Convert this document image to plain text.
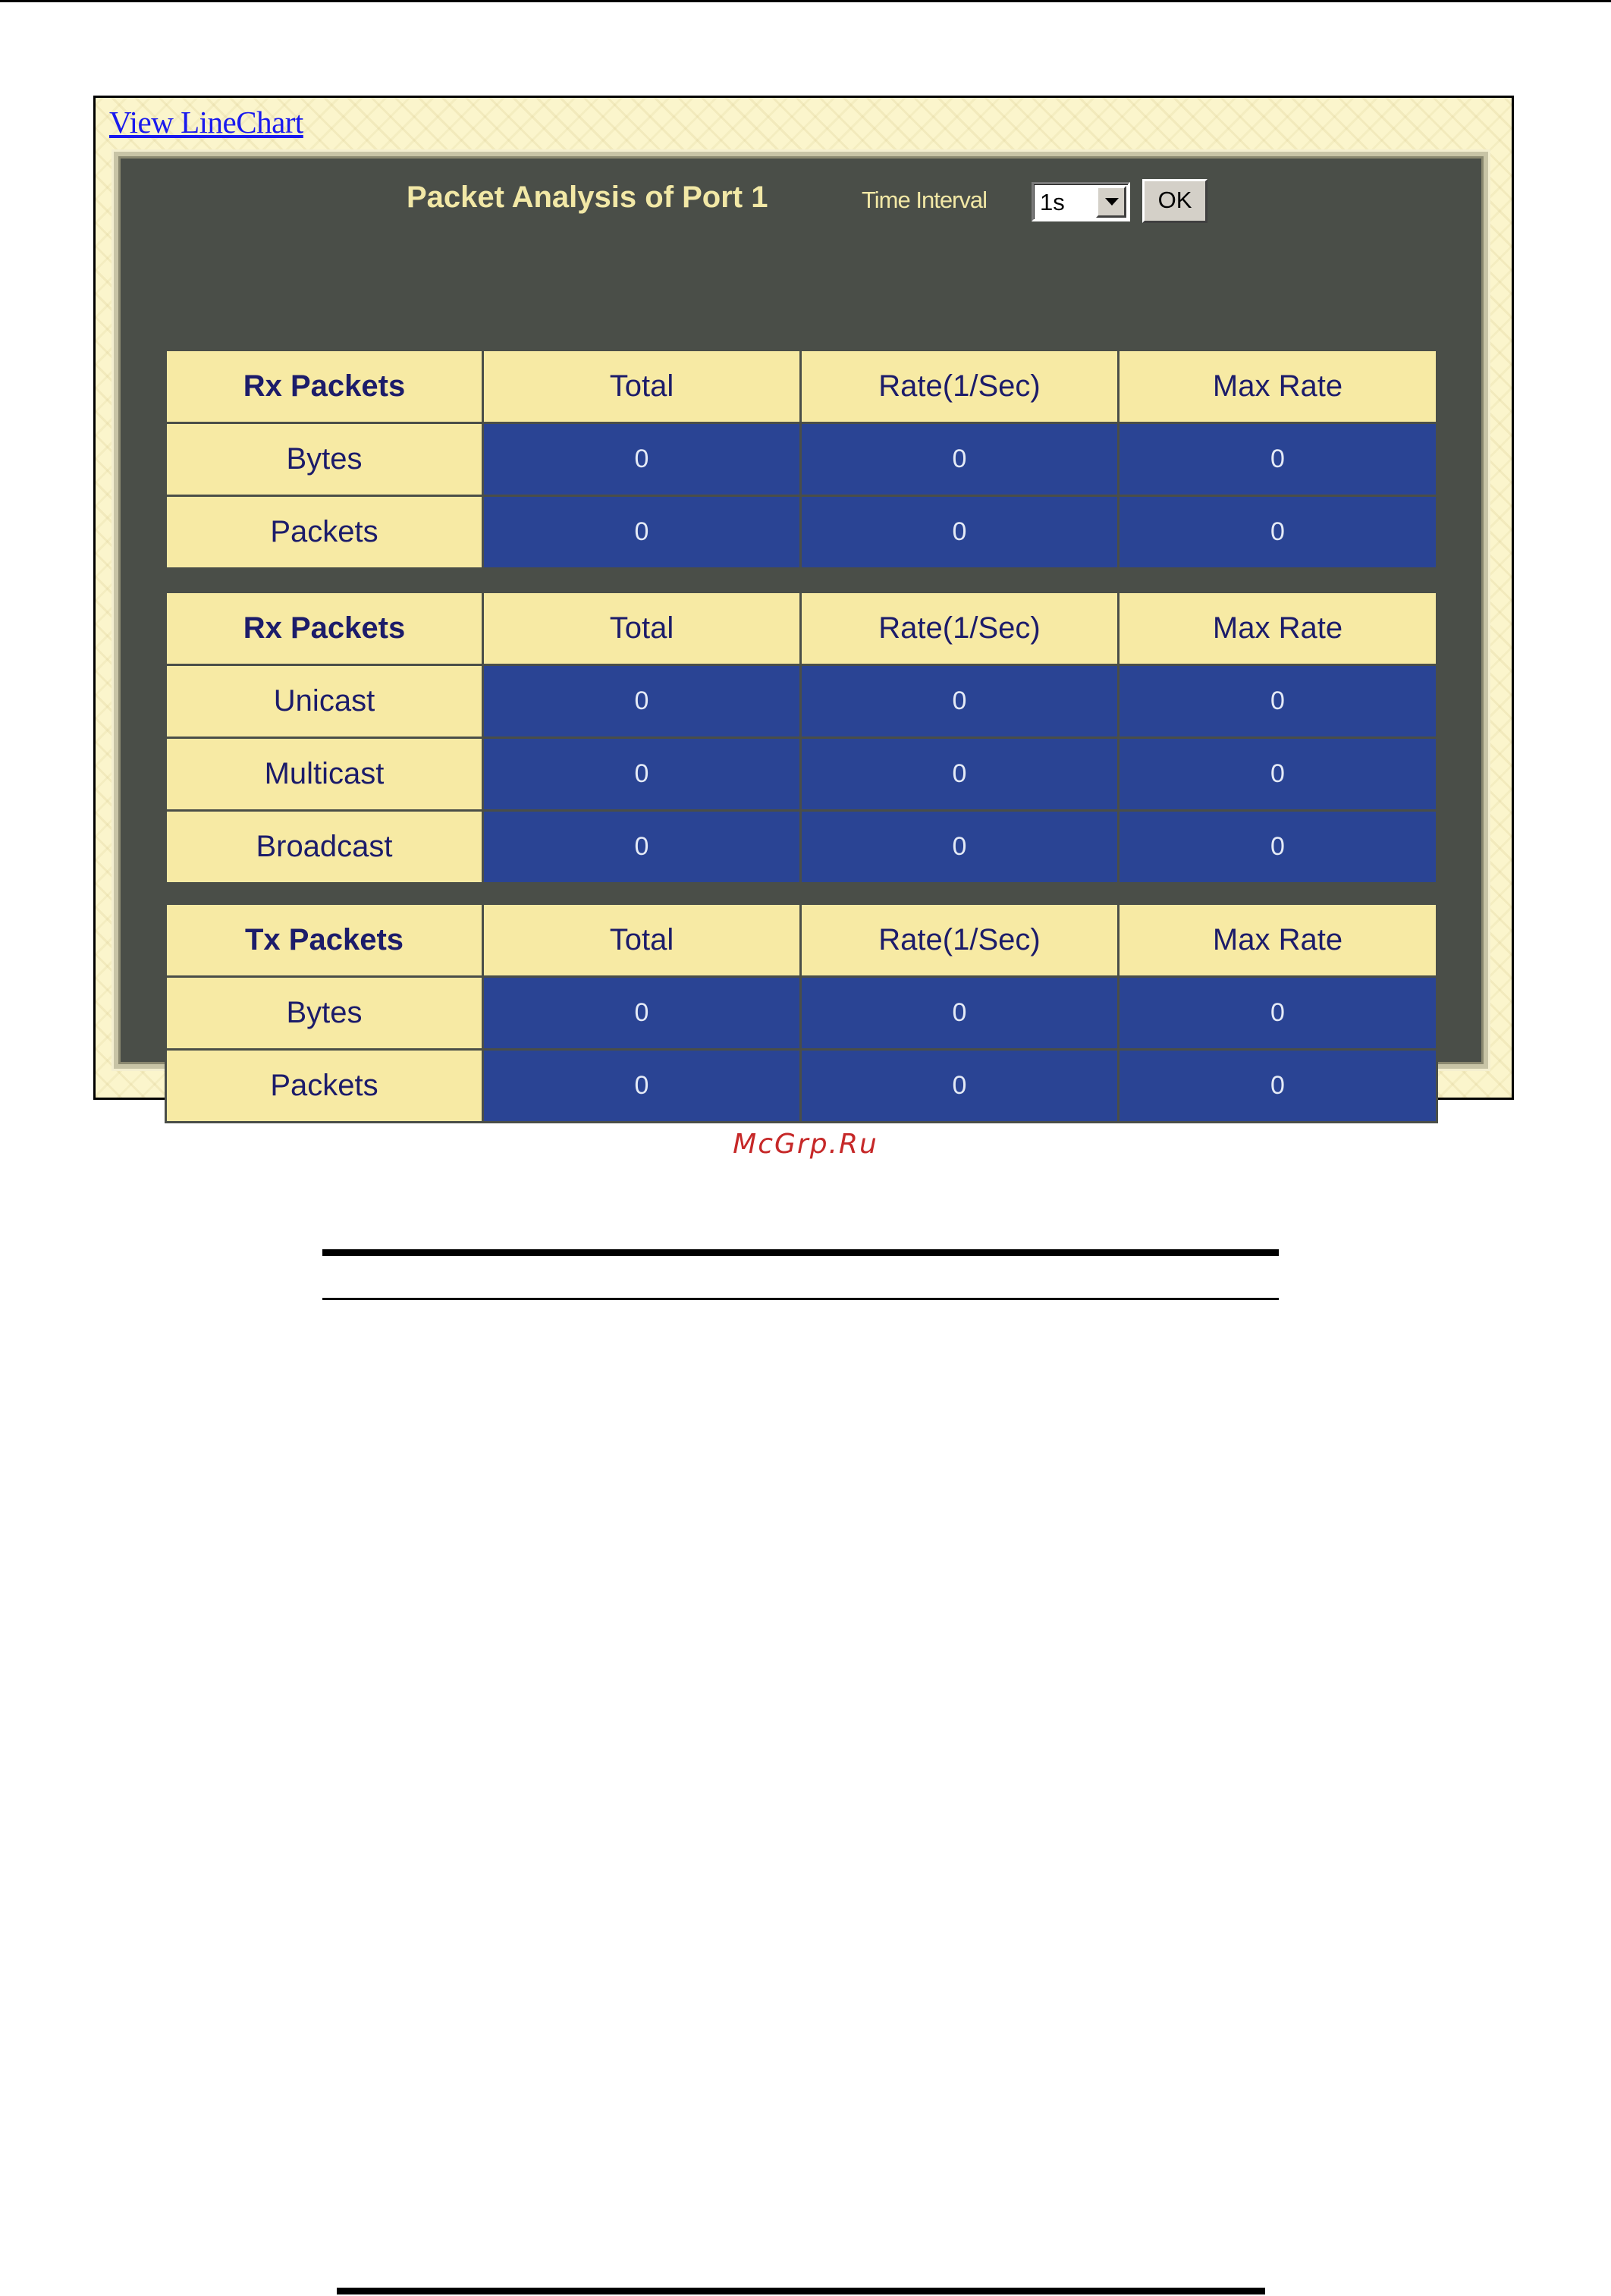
View LineChart
Packet Analysis of Port 1	Time Interval 1s	OK
Rx Packets	Total	Rate(1/Sec)	Max Rate
Bytes	0	0	0
Packets	0	0	0
Rx Packets	Total	Rate(1/Sec)	Max Rate
Unicast	0	0	0
Multicast	0	0	0
Broadcast	0	0	0
Tx Packets	Total	Rate(1/Sec)	Max Rate
Bytes	0	0	0
Packets	0	0	0
McGrp.Ru
